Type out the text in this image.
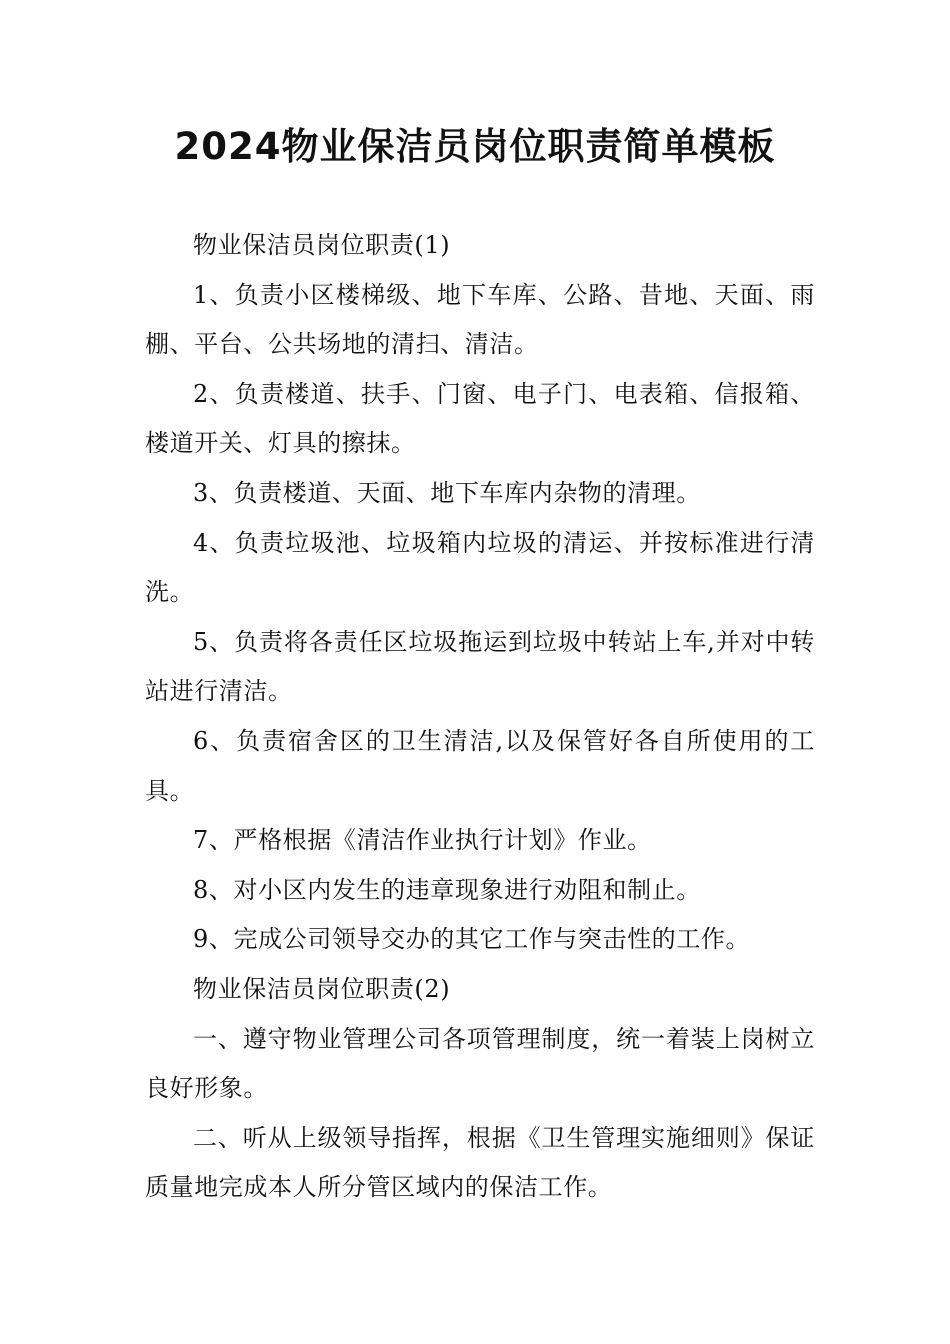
2024物业保洁员岗位职责简单模板

物业保洁员岗位职责(1)

1、负责小区楼梯级、地下车库、公路、昔地、天面、雨棚、平台、公共场地的清扫、清洁。

2、负责楼道、扶手、门窗、电子门、电表箱、信报箱、楼道开关、灯具的擦抹。

3、负责楼道、天面、地下车库内杂物的清理。

4、负责垃圾池、垃圾箱内垃圾的清运、并按标准进行清洗。

5、负责将各责任区垃圾拖运到垃圾中转站上车,并对中转站进行清洁。

6、负责宿舍区的卫生清洁,以及保管好各自所使用的工具。

7、严格根据《清洁作业执行计划》作业。

8、对小区内发生的违章现象进行劝阻和制止。

9、完成公司领导交办的其它工作与突击性的工作。

物业保洁员岗位职责(2)

一、遵守物业管理公司各项管理制度，统一着装上岗树立良好形象。

二、听从上级领导指挥，根据《卫生管理实施细则》保证质量地完成本人所分管区域内的保洁工作。
